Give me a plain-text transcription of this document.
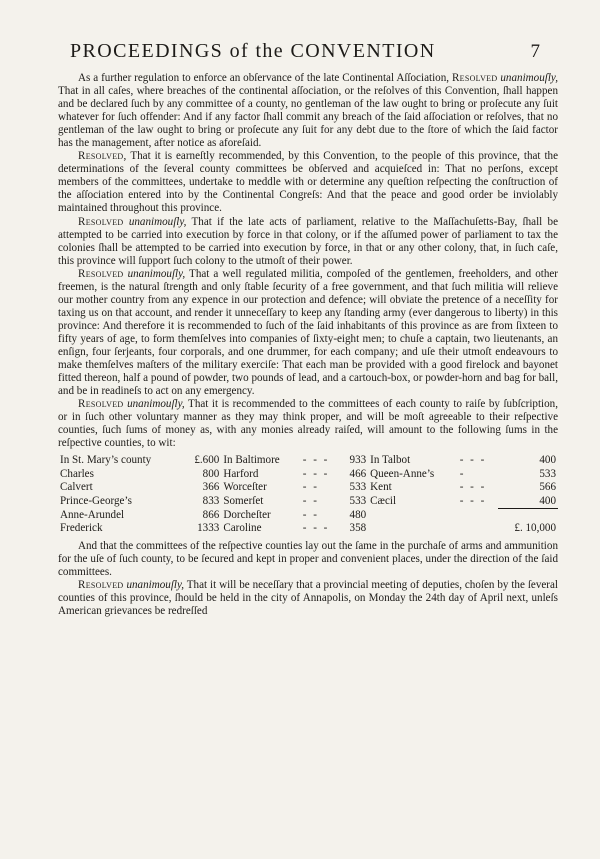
PROCEEDINGS of the CONVENTION	7

As a further regulation to enforce an obſervance of the late Continental Aſſociation, Resolved unanimouſly, That in all caſes, where breaches of the continental aſſociation, or the reſolves of this Convention, ſhall happen and be declared ſuch by any committee of a county, no gentleman of the law ought to bring or proſecute any ſuit whatever for ſuch offender: And if any factor ſhall commit any breach of the ſaid aſſociation or reſolves, that no gentleman of the law ought to bring or proſecute any ſuit for any debt due to the ſtore of which the ſaid factor has the management, after notice as aforeſaid.

Resolved, That it is earneſtly recommended, by this Convention, to the people of this province, that the determinations of the ſeveral county committees be obſerved and acquieſced in: That no perſons, except members of the committees, undertake to meddle with or determine any queſtion reſpecting the conſtruction of the aſſociation entered into by the Continental Congreſs: And that the peace and good order be inviolably maintained throughout this province.

Resolved unanimouſly, That if the late acts of parliament, relative to the Maſſachuſetts-Bay, ſhall be attempted to be carried into execution by force in that colony, or if the aſſumed power of parliament to tax the colonies ſhall be attempted to be carried into execution by force, in that or any other colony, that, in ſuch caſe, this province will ſupport ſuch colony to the utmoſt of their power.

Resolved unanimouſly, That a well regulated militia, compoſed of the gentlemen, freeholders, and other freemen, is the natural ſtrength and only ſtable ſecurity of a free government, and that ſuch militia will relieve our mother country from any expence in our protection and defence; will obviate the pretence of a neceſſity for taxing us on that account, and render it unneceſſary to keep any ſtanding army (ever dangerous to liberty) in this province: And therefore it is recommended to ſuch of the ſaid inhabitants of this province as are from ſixteen to fifty years of age, to form themſelves into companies of ſixty-eight men; to chuſe a captain, two lieutenants, an enſign, four ſerjeants, four corporals, and one drummer, for each company; and uſe their utmoſt endeavours to make themſelves maſters of the military exerciſe: That each man be provided with a good firelock and bayonet fitted thereon, half a pound of powder, two pounds of lead, and a cartouch-box, or powder-horn and bag for ball, and be in readineſs to act on any emergency.

Resolved unanimouſly, That it is recommended to the committees of each county to raiſe by ſubſcription, or in ſuch other voluntary manner as they may think proper, and will be moſt agreeable to their reſpective counties, ſuch ſums of money as, with any monies already raiſed, will amount to the following ſums in the reſpective counties, to wit:

In St. Mary’s county	£.600	In Baltimore	- - -	933	In Talbot	- - -	400
Charles	800	Harford	- - -	466	Queen-Anne’s	-	533
Calvert	366	Worceſter	- -	533	Kent	- - -	566
Prince-George’s	833	Somerſet	- -	533	Cæcil	- - -	400
Anne-Arundel	866	Dorcheſter	- -	480			
Frederick	1333	Caroline	- - -	358			£. 10,000

And that the committees of the reſpective counties lay out the ſame in the purchaſe of arms and ammunition for the uſe of ſuch county, to be ſecured and kept in proper and convenient places, under the direction of the ſaid committees.

Resolved unanimouſly, That it will be neceſſary that a provincial meeting of deputies, choſen by the ſeveral counties of this province, ſhould be held in the city of Annapolis, on Monday the 24th day of April next, unleſs American grievances be redreſſed
